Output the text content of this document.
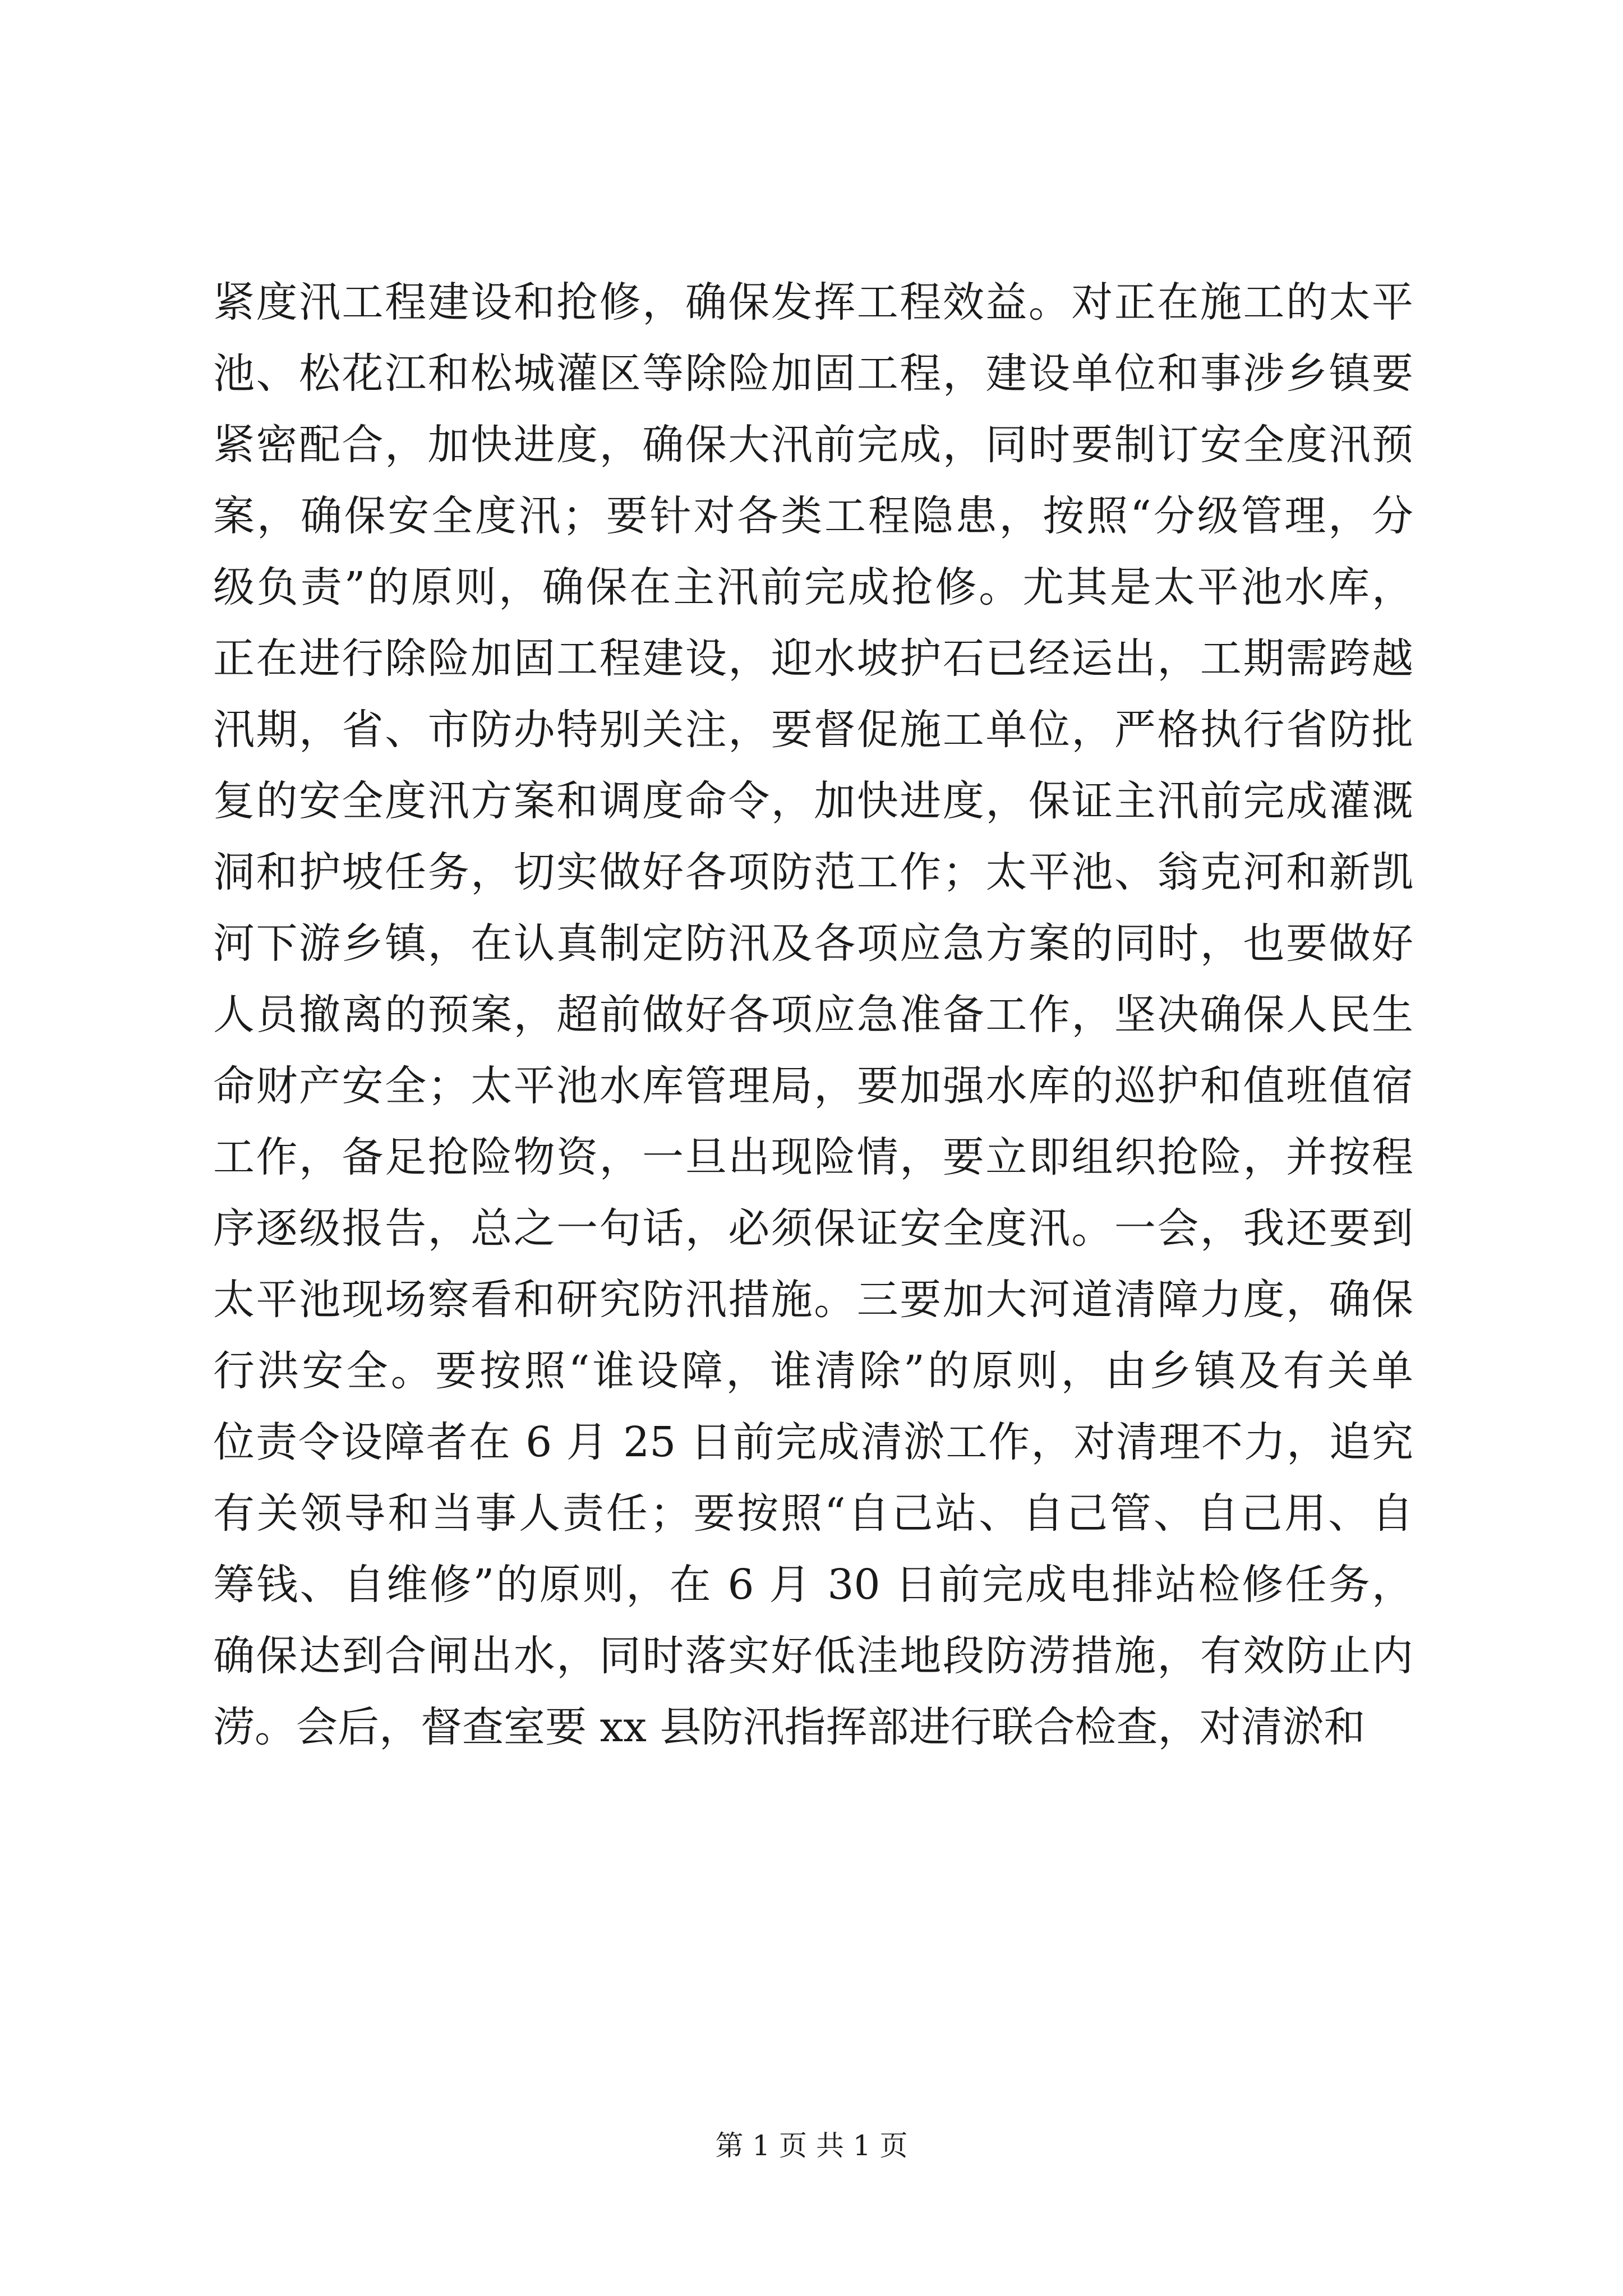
紧度汛工程建设和抢修，确保发挥工程效益。对正在施工的太平
池、松花江和松城灌区等除险加固工程，建设单位和事涉乡镇要
紧密配合，加快进度，确保大汛前完成，同时要制订安全度汛预
案，确保安全度汛；要针对各类工程隐患，按照“分级管理，分
级负责”的原则，确保在主汛前完成抢修。尤其是太平池水库，
正在进行除险加固工程建设，迎水坡护石已经运出，工期需跨越
汛期，省、市防办特别关注，要督促施工单位，严格执行省防批
复的安全度汛方案和调度命令，加快进度，保证主汛前完成灌溉
洞和护坡任务，切实做好各项防范工作；太平池、翁克河和新凯
河下游乡镇，在认真制定防汛及各项应急方案的同时，也要做好
人员撤离的预案，超前做好各项应急准备工作，坚决确保人民生
命财产安全；太平池水库管理局，要加强水库的巡护和值班值宿
工作，备足抢险物资，一旦出现险情，要立即组织抢险，并按程
序逐级报告，总之一句话，必须保证安全度汛。一会，我还要到
太平池现场察看和研究防汛措施。三要加大河道清障力度，确保
行洪安全。要按照“谁设障，谁清除”的原则，由乡镇及有关单
位责令设障者在 6 月 25 日前完成清淤工作，对清理不力，追究
有关领导和当事人责任；要按照“自己站、自己管、自己用、自
筹钱、自维修”的原则，在 6 月 30 日前完成电排站检修任务，
确保达到合闸出水，同时落实好低洼地段防涝措施，有效防止内
涝。会后，督查室要 xx 县防汛指挥部进行联合检查，对清淤和
第 1 页 共 1 页
